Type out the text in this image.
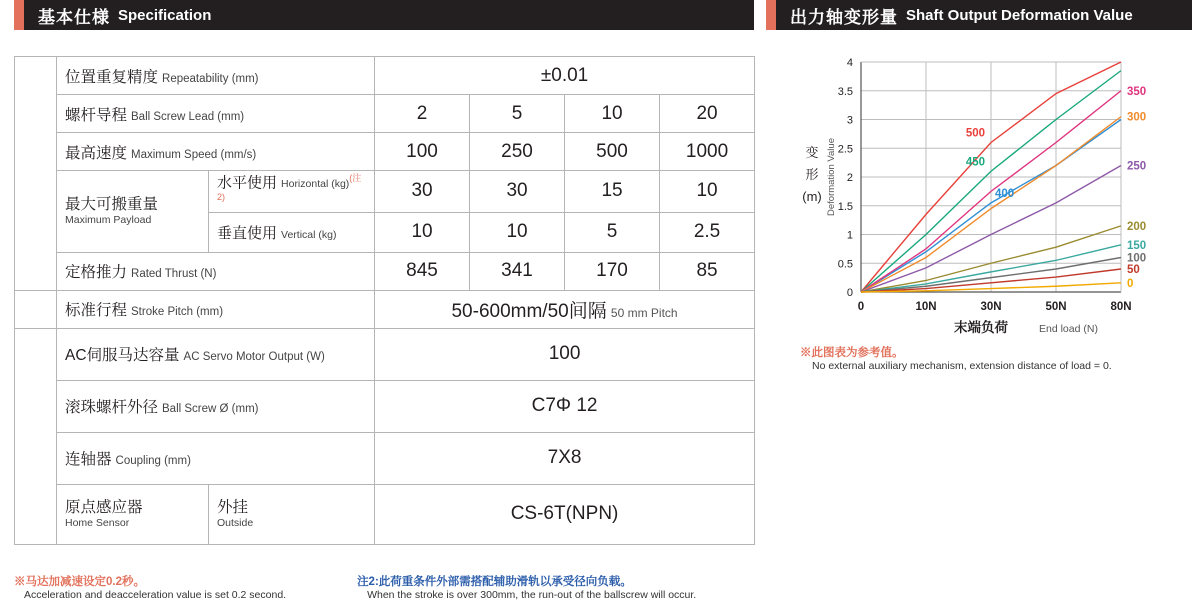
基本仕様 Specification
规格
Spec	位置重复精度 Repeatability (mm)		±0.01			
	螺杆导程 Ball Screw Lead (mm)		2	5	10	20
	最高速度 Maximum Speed (mm/s)		100	250	500	1000

	最大可搬重量
Maximum Payload	水平使用 Horizontal (kg)$^{(注2)}$	30	30	15	10
		垂直使用 Vertical (kg)	10	10	5	2.5
	定格推力 Rated Thrust (N)		845	341	170	85
	标准行程 Stroke Pitch (mm)		50-600mm/50间隔 50 mm Pitch			

部品
Parts	AC伺服马达容量 AC Servo Motor Output (W)		100			
	滚珠螺杆外径 Ball Screw Ø (mm)		C7Φ 12			
	连轴器 Coupling (mm)		7X8			

	原点感应器
Home Sensor	外挂
Outside	CS-6T(NPN)			
※马达加减速设定0.2秒。
Acceleration and deacceleration value is set 0.2 second.

注2:此荷重条件外部需搭配辅助滑轨以承受径向负载。
When the stroke is over 300mm, the run-out of the ballscrew will occur.
出力轴变形量 Shaft Output Deformation Value
0
0.5
1
1.5
2
2.5
3
3.5
4
0	10N	30N	50N	80N
500
450
400
350
300
250
200
150
100
50
0
变
形
(m) Deformation Value
末端负荷	End load (N)
※此图表为参考值。
No external auxiliary mechanism, extension distance of load = 0.
